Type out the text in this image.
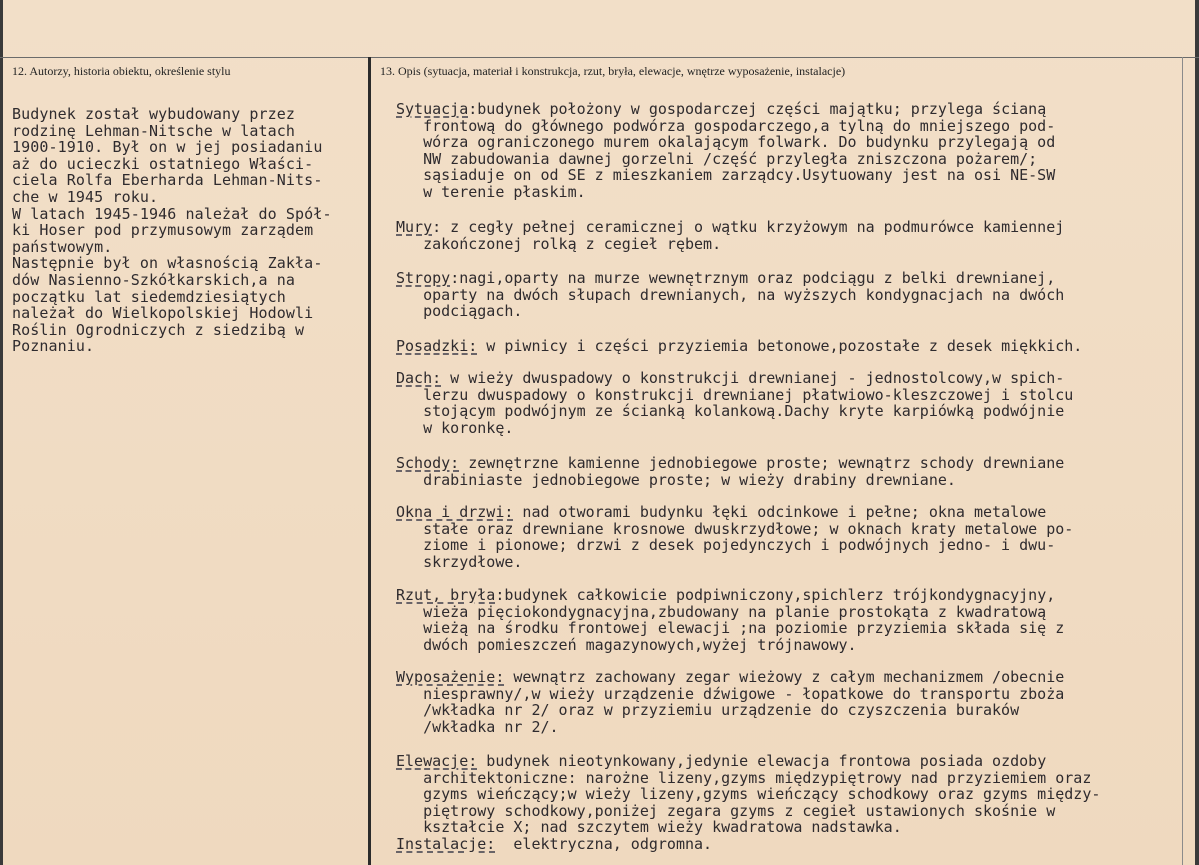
12. Autorzy, historia obiektu, określenie stylu	13. Opis (sytuacja, materiał i konstrukcja, rzut, bryła, elewacje, wnętrze wyposażenie, instalacje)
Budynek został wybudowany przez
rodzinę Lehman-Nitsche w latach
1900-1910. Był on w jej posiadaniu
aż do ucieczki ostatniego Właści-
ciela Rolfa Eberharda Lehman-Nits-
che w 1945 roku.
W latach 1945-1946 należał do Spół-
ki Hoser pod przymusowym zarządem
państwowym.
Następnie był on własnością Zakła-
dów Nasienno-Szkółkarskich,a na
początku lat siedemdziesiątych
należał do Wielkopolskiej Hodowli
Roślin Ogrodniczych z siedzibą w
Poznaniu.
Sytuacja:budynek położony w gospodarczej części majątku; przylega ścianą
frontową do głównego podwórza gospodarczego,a tylną do mniejszego pod-
wórza ograniczonego murem okalającym folwark. Do budynku przylegają od
NW zabudowania dawnej gorzelni /część przyległa zniszczona pożarem/;
sąsiaduje on od SE z mieszkaniem zarządcy.Usytuowany jest na osi NE-SW
w terenie płaskim.
Mury: z cegły pełnej ceramicznej o wątku krzyżowym na podmurówce kamiennej
zakończonej rolką z cegieł rębem.
Stropy:nagi,oparty na murze wewnętrznym oraz podciągu z belki drewnianej,
oparty na dwóch słupach drewnianych, na wyższych kondygnacjach na dwóch
podciągach.
Posadzki: w piwnicy i części przyziemia betonowe,pozostałe z desek miękkich.
Dach: w wieży dwuspadowy o konstrukcji drewnianej - jednostolcowy,w spich-
lerzu dwuspadowy o konstrukcji drewnianej płatwiowo-kleszczowej i stolcu
stojącym podwójnym ze ścianką kolankową.Dachy kryte karpiówką podwójnie
w koronkę.
Schody: zewnętrzne kamienne jednobiegowe proste; wewnątrz schody drewniane
drabiniaste jednobiegowe proste; w wieży drabiny drewniane.
Okna i drzwi: nad otworami budynku łęki odcinkowe i pełne; okna metalowe
stałe oraz drewniane krosnowe dwuskrzydłowe; w oknach kraty metalowe po-
ziome i pionowe; drzwi z desek pojedynczych i podwójnych jedno- i dwu-
skrzydłowe.
Rzut, bryła:budynek całkowicie podpiwniczony,spichlerz trójkondygnacyjny,
wieża pięciokondygnacyjna,zbudowany na planie prostokąta z kwadratową
wieżą na środku frontowej elewacji ;na poziomie przyziemia składa się z
dwóch pomieszczeń magazynowych,wyżej trójnawowy.
Wyposażenie: wewnątrz zachowany zegar wieżowy z całym mechanizmem /obecnie
niesprawny/,w wieży urządzenie dźwigowe - łopatkowe do transportu zboża
/wkładka nr 2/ oraz w przyziemiu urządzenie do czyszczenia buraków
/wkładka nr 2/.
Elewacje: budynek nieotynkowany,jedynie elewacja frontowa posiada ozdoby
architektoniczne: narożne lizeny,gzyms międzypiętrowy nad przyziemiem oraz
gzyms wieńczący;w wieży lizeny,gzyms wieńczący schodkowy oraz gzyms między-
piętrowy schodkowy,poniżej zegara gzyms z cegieł ustawionych skośnie w
kształcie X; nad szczytem wieży kwadratowa nadstawka.
Instalacje:  elektryczna, odgromna.
